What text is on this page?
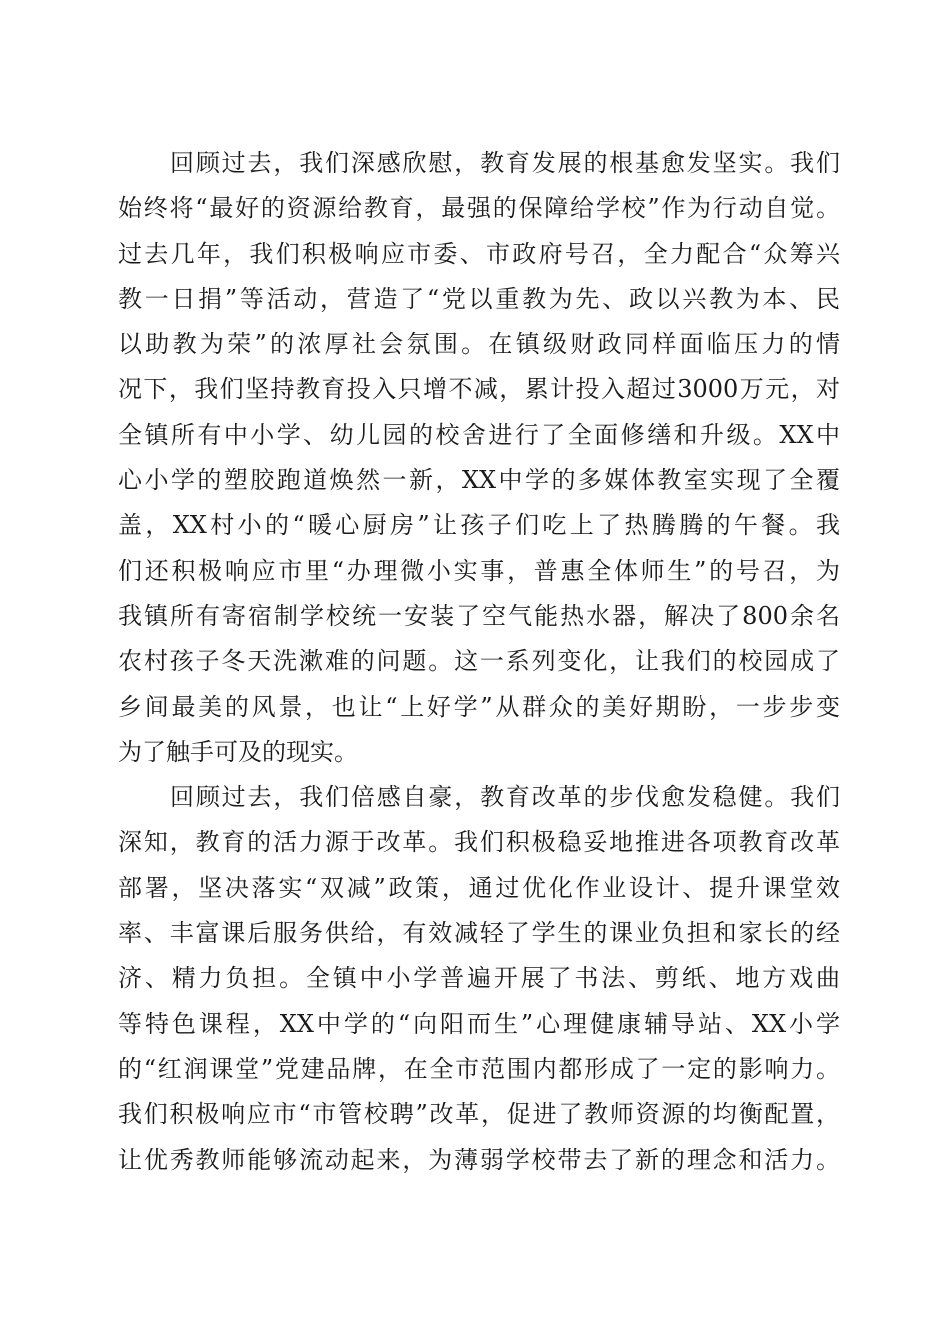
回顾过去，我们深感欣慰，教育发展的根基愈发坚实。我们
始终将“最好的资源给教育，最强的保障给学校”作为行动自觉。
过去几年，我们积极响应市委、市政府号召，全力配合“众筹兴
教一日捐”等活动，营造了“党以重教为先、政以兴教为本、民
以助教为荣”的浓厚社会氛围。在镇级财政同样面临压力的情
况下，我们坚持教育投入只增不减，累计投入超过3000万元，对
全镇所有中小学、幼儿园的校舍进行了全面修缮和升级。XX中
心小学的塑胶跑道焕然一新，XX中学的多媒体教室实现了全覆
盖，XX村小的“暖心厨房”让孩子们吃上了热腾腾的午餐。我
们还积极响应市里“办理微小实事，普惠全体师生”的号召，为
我镇所有寄宿制学校统一安装了空气能热水器，解决了800余名
农村孩子冬天洗漱难的问题。这一系列变化，让我们的校园成了
乡间最美的风景，也让“上好学”从群众的美好期盼，一步步变
为了触手可及的现实。
回顾过去，我们倍感自豪，教育改革的步伐愈发稳健。我们
深知，教育的活力源于改革。我们积极稳妥地推进各项教育改革
部署，坚决落实“双减”政策，通过优化作业设计、提升课堂效
率、丰富课后服务供给，有效减轻了学生的课业负担和家长的经
济、精力负担。全镇中小学普遍开展了书法、剪纸、地方戏曲
等特色课程，XX中学的“向阳而生”心理健康辅导站、XX小学
的“红润课堂”党建品牌，在全市范围内都形成了一定的影响力。
我们积极响应市“市管校聘”改革，促进了教师资源的均衡配置，
让优秀教师能够流动起来，为薄弱学校带去了新的理念和活力。
